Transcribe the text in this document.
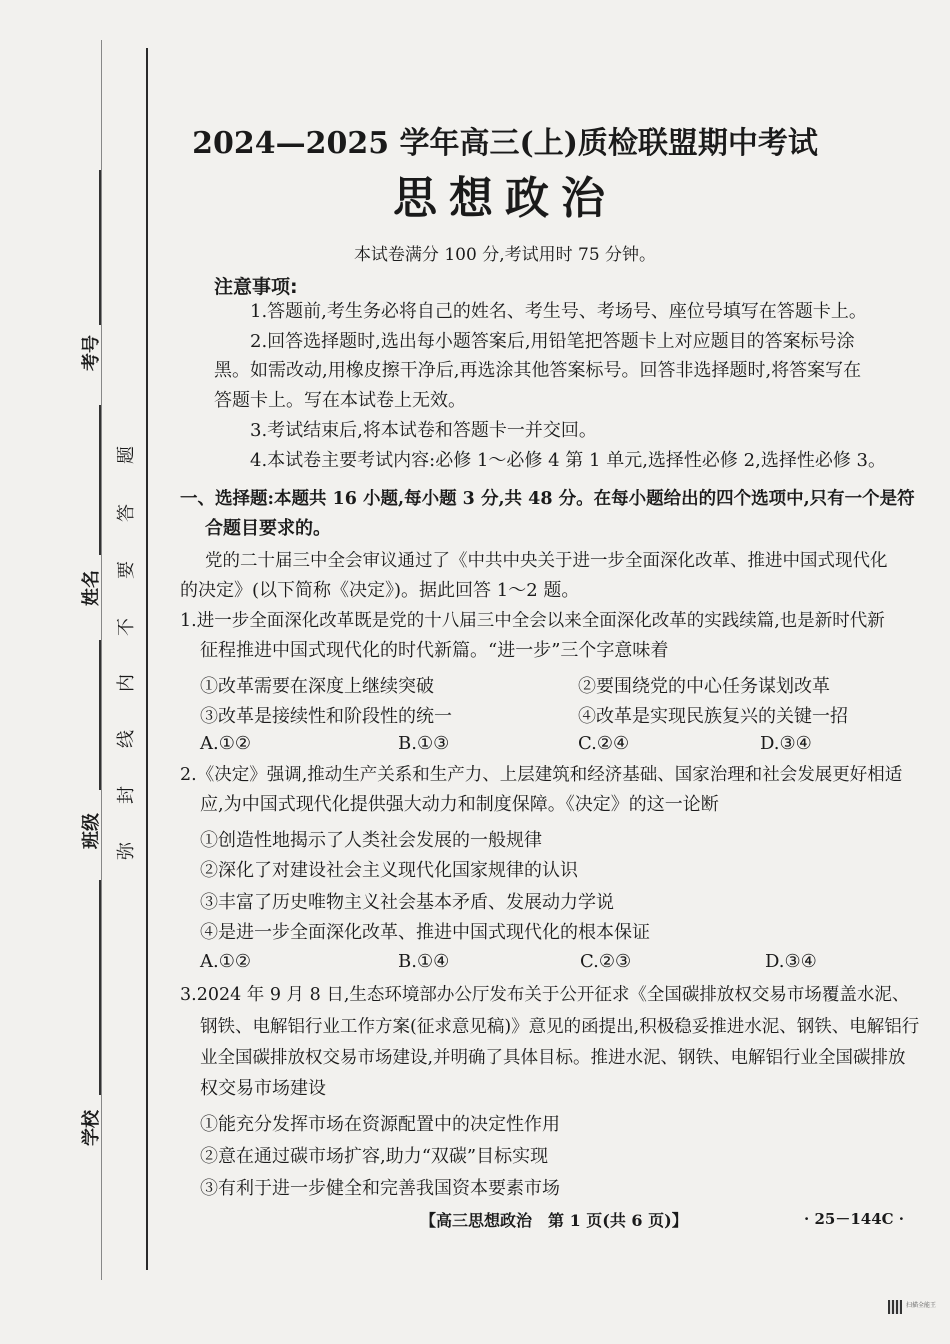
考号
姓名
班级
学校
题
答
要
不
内
线
封
弥
2024—2025 学年高三(上)质检联盟期中考试
思想政治
本试卷满分 100 分,考试用时 75 分钟。
注意事项:
1.答题前,考生务必将自己的姓名、考生号、考场号、座位号填写在答题卡上。
2.回答选择题时,选出每小题答案后,用铅笔把答题卡上对应题目的答案标号涂
黑。如需改动,用橡皮擦干净后,再选涂其他答案标号。回答非选择题时,将答案写在
答题卡上。写在本试卷上无效。
3.考试结束后,将本试卷和答题卡一并交回。
4.本试卷主要考试内容:必修 1～必修 4 第 1 单元,选择性必修 2,选择性必修 3。
一、选择题:本题共 16 小题,每小题 3 分,共 48 分。在每小题给出的四个选项中,只有一个是符
合题目要求的。
党的二十届三中全会审议通过了《中共中央关于进一步全面深化改革、推进中国式现代化
的决定》(以下简称《决定》)。据此回答 1～2 题。
1.进一步全面深化改革既是党的十八届三中全会以来全面深化改革的实践续篇,也是新时代新
征程推进中国式现代化的时代新篇。“进一步”三个字意味着
①改革需要在深度上继续突破	②要围绕党的中心任务谋划改革
③改革是接续性和阶段性的统一	④改革是实现民族复兴的关键一招
A.①②	B.①③	C.②④	D.③④
2.《决定》强调,推动生产关系和生产力、上层建筑和经济基础、国家治理和社会发展更好相适
应,为中国式现代化提供强大动力和制度保障。《决定》的这一论断
①创造性地揭示了人类社会发展的一般规律
②深化了对建设社会主义现代化国家规律的认识
③丰富了历史唯物主义社会基本矛盾、发展动力学说
④是进一步全面深化改革、推进中国式现代化的根本保证
A.①②	B.①④	C.②③	D.③④
3.2024 年 9 月 8 日,生态环境部办公厅发布关于公开征求《全国碳排放权交易市场覆盖水泥、
钢铁、电解铝行业工作方案(征求意见稿)》意见的函提出,积极稳妥推进水泥、钢铁、电解铝行
业全国碳排放权交易市场建设,并明确了具体目标。推进水泥、钢铁、电解铝行业全国碳排放
权交易市场建设
①能充分发挥市场在资源配置中的决定性作用
②意在通过碳市场扩容,助力“双碳”目标实现
③有利于进一步健全和完善我国资本要素市场
【高三思想政治　第 1 页(共 6 页)】	· 25－144C ·
扫描全能王
